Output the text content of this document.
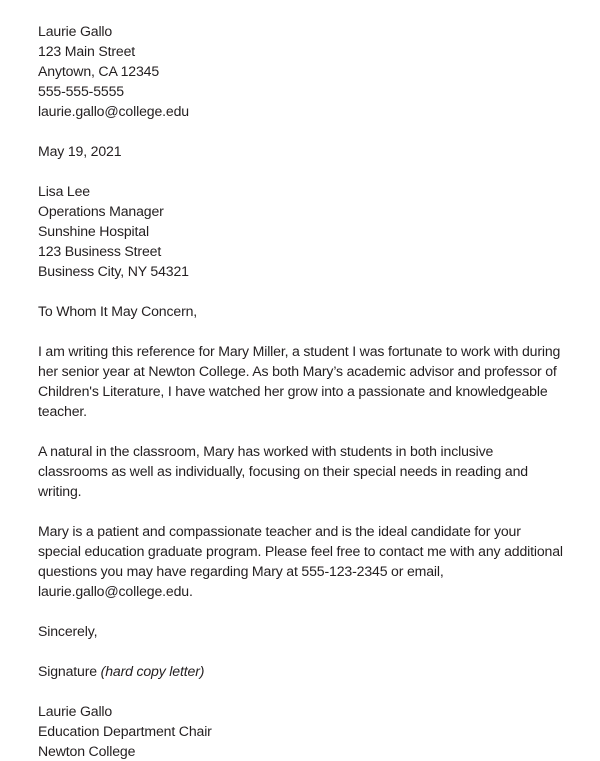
Laurie Gallo
123 Main Street
Anytown, CA 12345
555-555-5555
laurie.gallo@college.edu
May 19, 2021
Lisa Lee
Operations Manager
Sunshine Hospital
123 Business Street
Business City, NY 54321
To Whom It May Concern,

I am writing this reference for Mary Miller, a student I was fortunate to work with during her senior year at Newton College. As both Mary’s academic advisor and professor of Children's Literature, I have watched her grow into a passionate and knowledgeable teacher.

A natural in the classroom, Mary has worked with students in both inclusive classrooms as well as individually, focusing on their special needs in reading and writing.

Mary is a patient and compassionate teacher and is the ideal candidate for your special education graduate program. Please feel free to contact me with any additional questions you may have regarding Mary at 555-123-2345 or email, laurie.gallo@college.edu.

Sincerely,
Signature (hard copy letter)
Laurie Gallo
Education Department Chair
Newton College
